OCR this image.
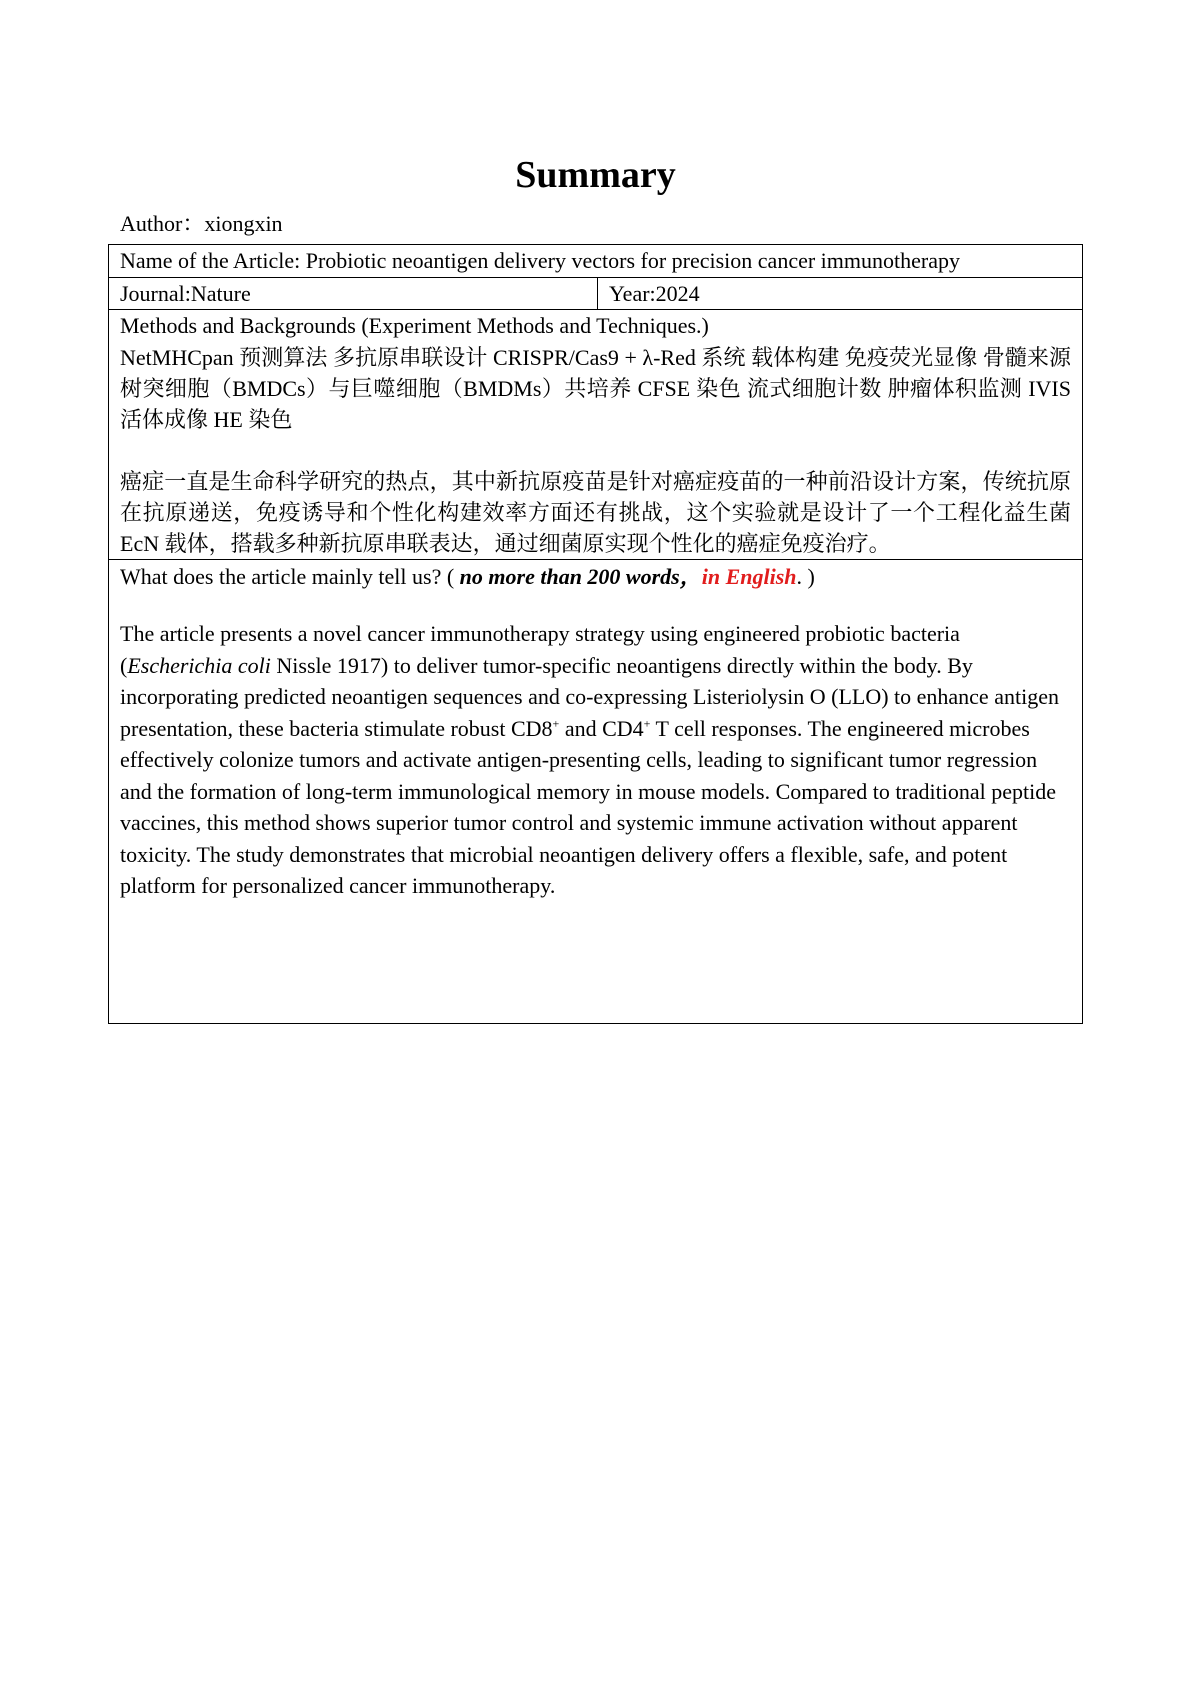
Summary
Author：xiongxin
Name of the Article: Probiotic neoantigen delivery vectors for precision cancer immunotherapy
Journal:Nature	Year:2024
Methods and Backgrounds (Experiment Methods and Techniques.)
NetMHCpan 预测算法 多抗原串联设计 CRISPR/Cas9 + λ-Red 系统 载体构建 免疫荧光显像 骨髓来源树突细胞（BMDCs）与巨噬细胞（BMDMs）共培养 CFSE 染色 流式细胞计数 肿瘤体积监测 IVIS 活体成像 HE 染色
癌症一直是生命科学研究的热点，其中新抗原疫苗是针对癌症疫苗的一种前沿设计方案，传统抗原在抗原递送，免疫诱导和个性化构建效率方面还有挑战，这个实验就是设计了一个工程化益生菌 EcN 载体，搭载多种新抗原串联表达，通过细菌原实现个性化的癌症免疫治疗。
What does the article mainly tell us? ( no more than 200 words，in English. )
The article presents a novel cancer immunotherapy strategy using engineered probiotic bacteria (Escherichia coli Nissle 1917) to deliver tumor-specific neoantigens directly within the body. By incorporating predicted neoantigen sequences and co-expressing Listeriolysin O (LLO) to enhance antigen presentation, these bacteria stimulate robust CD8+ and CD4+ T cell responses. The engineered microbes effectively colonize tumors and activate antigen-presenting cells, leading to significant tumor regression and the formation of long-term immunological memory in mouse models. Compared to traditional peptide vaccines, this method shows superior tumor control and systemic immune activation without apparent toxicity. The study demonstrates that microbial neoantigen delivery offers a flexible, safe, and potent platform for personalized cancer immunotherapy.
